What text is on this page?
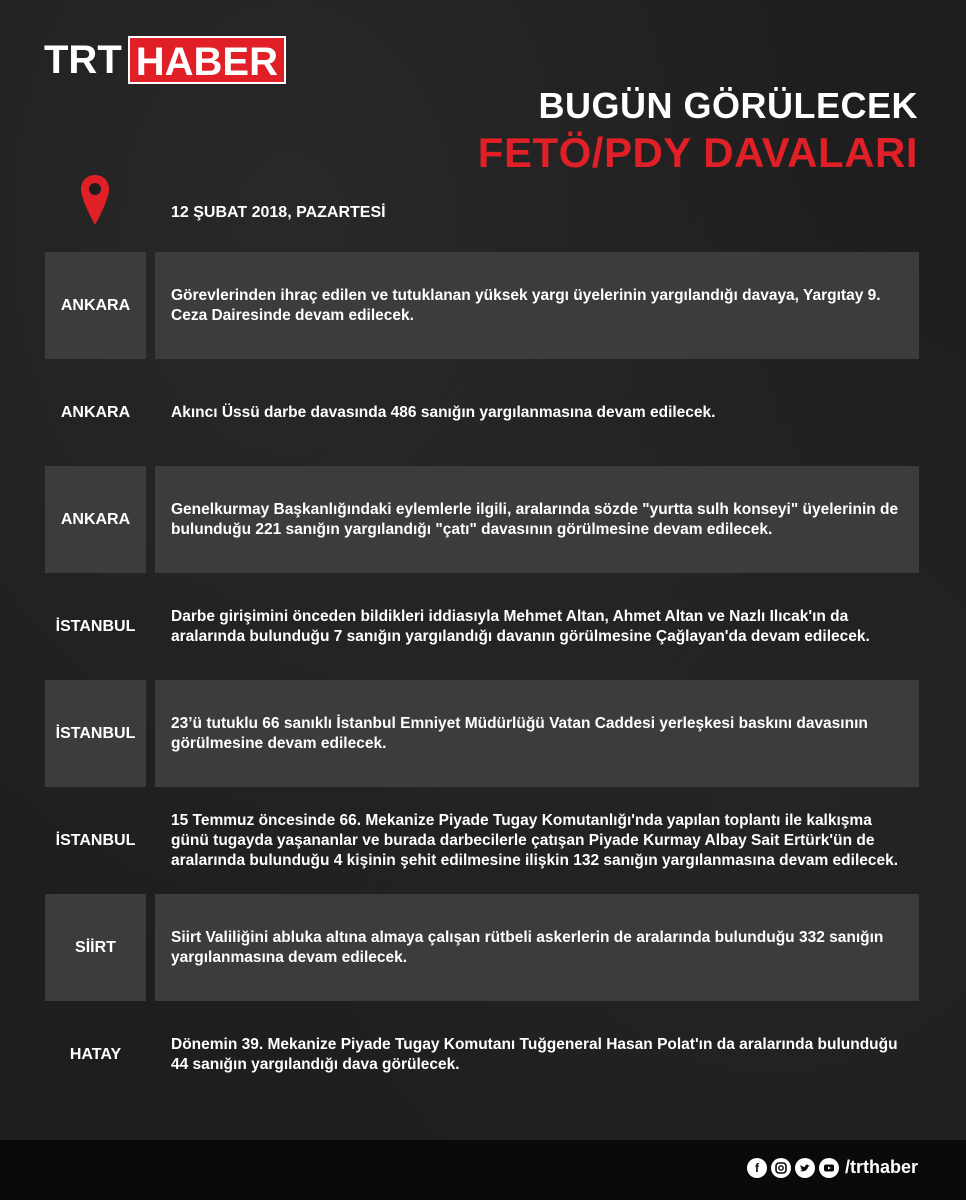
TRT HABER
BUGÜN GÖRÜLECEK
FETÖ/PDY DAVALARI
12 ŞUBAT 2018, PAZARTESİ
ANKARA
Görevlerinden ihraç edilen ve tutuklanan yüksek yargı üyelerinin yargılandığı davaya, Yargıtay 9. Ceza Dairesinde devam edilecek.
ANKARA	Akıncı Üssü darbe davasında 486 sanığın yargılanmasına devam edilecek.
ANKARA
Genelkurmay Başkanlığındaki eylemlerle ilgili, aralarında sözde "yurtta sulh konseyi" üyelerinin de bulunduğu 221 sanığın yargılandığı "çatı" davasının görülmesine devam edilecek.
İSTANBUL
Darbe girişimini önceden bildikleri iddiasıyla Mehmet Altan, Ahmet Altan ve Nazlı Ilıcak'ın da aralarında bulunduğu 7 sanığın yargılandığı davanın görülmesine Çağlayan'da devam edilecek.
İSTANBUL
23’ü tutuklu 66 sanıklı İstanbul Emniyet Müdürlüğü Vatan Caddesi yerleşkesi baskını davasının görülmesine devam edilecek.
İSTANBUL
15 Temmuz öncesinde 66. Mekanize Piyade Tugay Komutanlığı'nda yapılan toplantı ile kalkışma günü tugayda yaşananlar ve burada darbecilerle çatışan Piyade Kurmay Albay Sait Ertürk'ün de aralarında bulunduğu 4 kişinin şehit edilmesine ilişkin 132 sanığın yargılanmasına devam edilecek.
SİİRT
Siirt Valiliğini abluka altına almaya çalışan rütbeli askerlerin de aralarında bulunduğu 332 sanığın yargılanmasına devam edilecek.
HATAY
Dönemin 39. Mekanize Piyade Tugay Komutanı Tuğgeneral Hasan Polat'ın da aralarında bulunduğu 44 sanığın yargılandığı dava görülecek.
f	/trthaber
